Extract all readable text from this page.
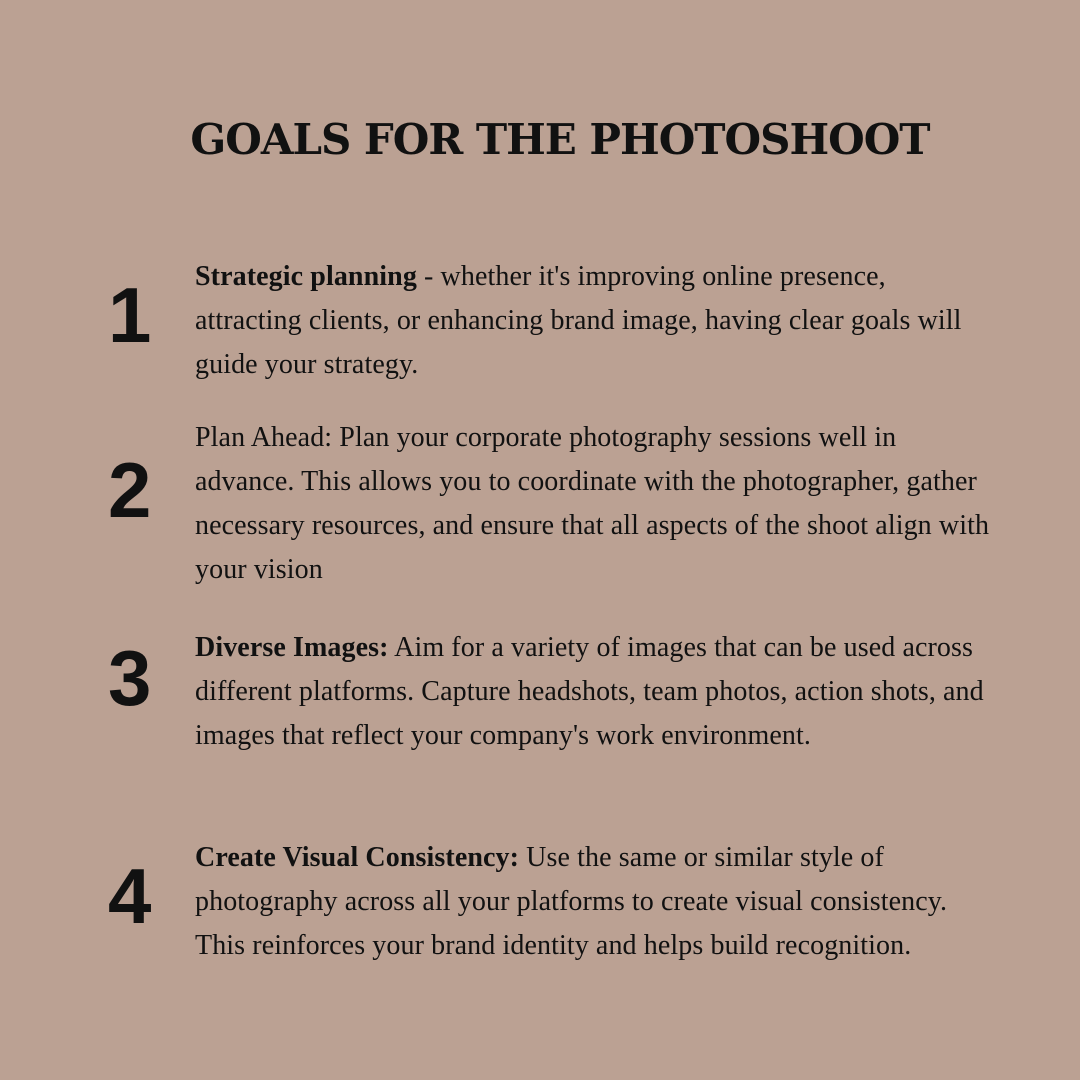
GOALS FOR THE PHOTOSHOOT
1	Strategic planning - whether it's improving online presence, attracting clients, or enhancing brand image, having clear goals will guide your strategy.

2

Plan Ahead: Plan your corporate photography sessions well in advance. This allows you to coordinate with the photographer, gather necessary resources, and ensure that all aspects of the shoot align with your vision

3	Diverse Images: Aim for a variety of images that can be used across different platforms. Capture headshots, team photos, action shots, and images that reflect your company's work environment.

4	Create Visual Consistency: Use the same or similar style of photography across all your platforms to create visual consistency. This reinforces your brand identity and helps build recognition.
